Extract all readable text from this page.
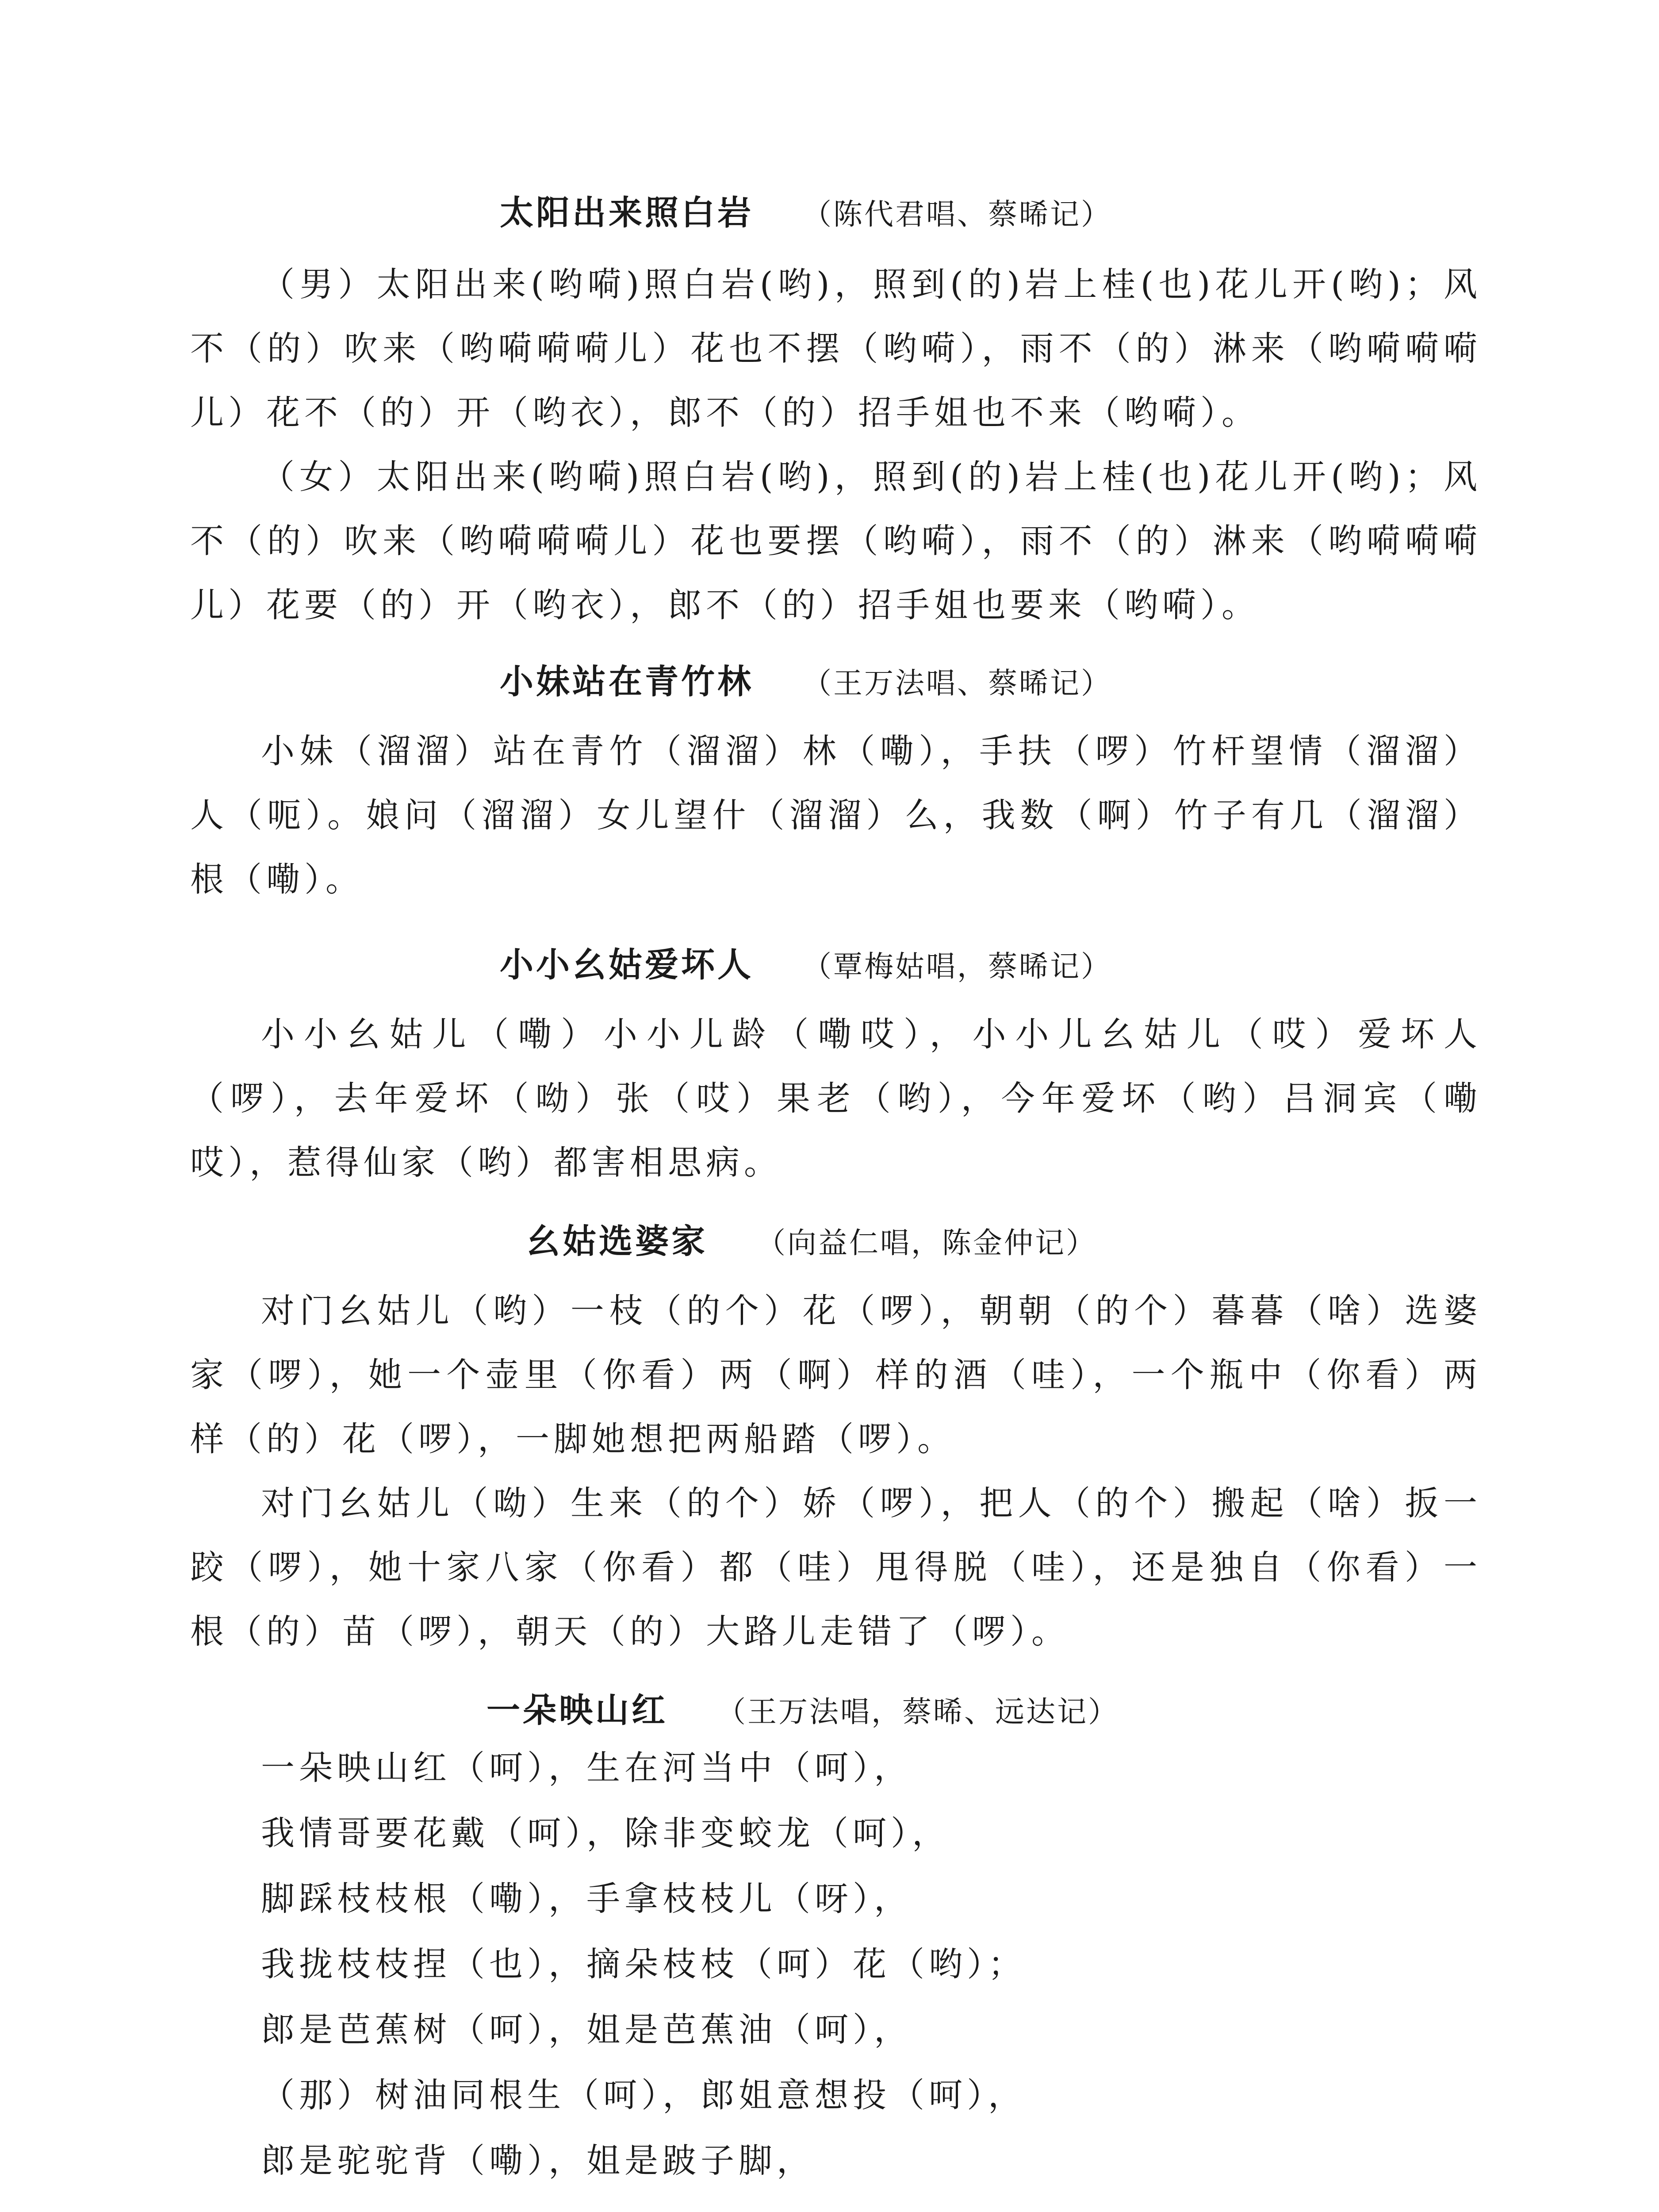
太阳出来照白岩 （陈代君唱、蔡晞记）

（男）太阳出来(哟嗬)照白岩(哟)，照到(的)岩上桂(也)花儿开(哟)；风不（的）吹来（哟嗬嗬嗬儿）花也不摆（哟嗬），雨不（的）淋来（哟嗬嗬嗬儿）花不（的）开（哟衣），郎不（的）招手姐也不来（哟嗬）。

（女）太阳出来(哟嗬)照白岩(哟)，照到(的)岩上桂(也)花儿开(哟)；风不（的）吹来（哟嗬嗬嗬儿）花也要摆（哟嗬），雨不（的）淋来（哟嗬嗬嗬儿）花要（的）开（哟衣），郎不（的）招手姐也要来（哟嗬）。

小妹站在青竹林 （王万法唱、蔡晞记）

小妹（溜溜）站在青竹（溜溜）林（嘞），手扶（啰）竹杆望情（溜溜）人（呃）。娘问（溜溜）女儿望什（溜溜）么，我数（啊）竹子有几（溜溜）根（嘞）。

小小幺姑爱坏人 （覃梅姑唱，蔡晞记）

小小幺姑儿（嘞）小小儿龄（嘞哎），小小儿幺姑儿（哎）爱坏人（啰），去年爱坏（呦）张（哎）果老（哟），今年爱坏（哟）吕洞宾（嘞哎），惹得仙家（哟）都害相思病。

幺姑选婆家 （向益仁唱，陈金仲记）

对门幺姑儿（哟）一枝（的个）花（啰），朝朝（的个）暮暮（啥）选婆家（啰），她一个壶里（你看）两（啊）样的酒（哇），一个瓶中（你看）两样（的）花（啰），一脚她想把两船踏（啰）。

对门幺姑儿（呦）生来（的个）娇（啰），把人（的个）搬起（啥）扳一跤（啰），她十家八家（你看）都（哇）甩得脱（哇），还是独自（你看）一根（的）苗（啰），朝天（的）大路儿走错了（啰）。

一朵映山红 （王万法唱，蔡晞、远达记）
一朵映山红（呵），生在河当中（呵），
我情哥要花戴（呵），除非变蛟龙（呵），
脚踩枝枝根（嘞），手拿枝枝儿（呀），
我拢枝枝捏（也），摘朵枝枝（呵）花（哟）；
郎是芭蕉树（呵），姐是芭蕉油（呵），
（那）树油同根生（呵），郎姐意想投（呵），
郎是驼驼背（嘞），姐是跛子脚，
